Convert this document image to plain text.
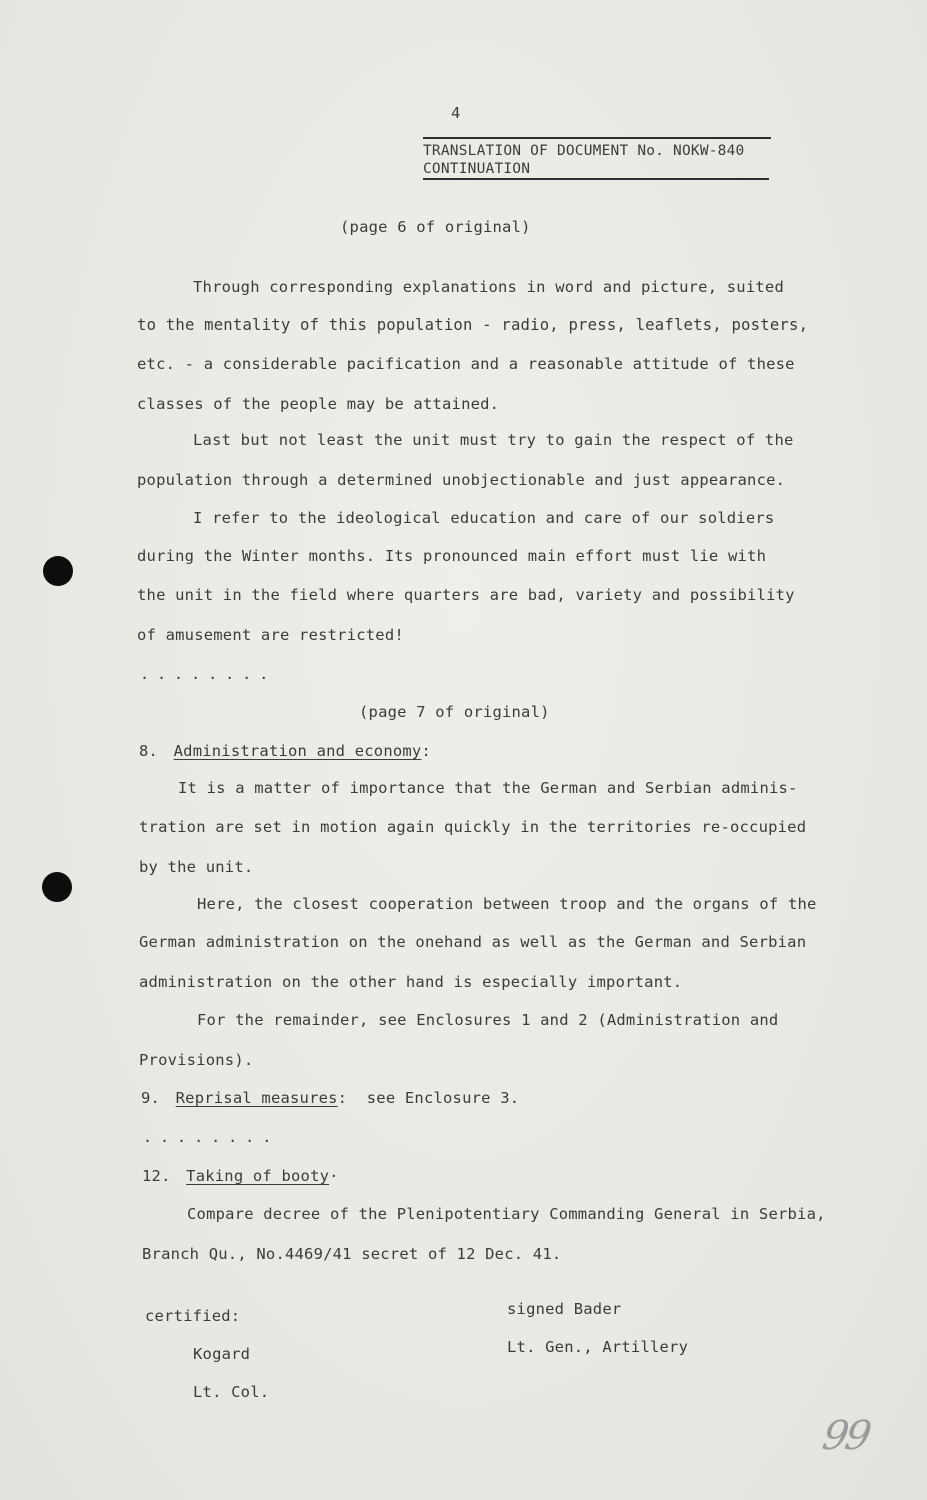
4
TRANSLATION OF DOCUMENT No. NOKW-840
CONTINUATION
(page 6 of original)
Through corresponding explanations in word and picture, suited
to the mentality of this population - radio, press, leaflets, posters,
etc. - a considerable pacification and a reasonable attitude of these
classes of the people may be attained.
Last but not least the unit must try to gain the respect of the
population through a determined unobjectionable and just appearance.
I refer to the ideological education and care of our soldiers
during the Winter months. Its pronounced main effort must lie with
the unit in the field where quarters are bad, variety and possibility
of amusement are restricted!
........
(page 7 of original)
8. Administration and economy:
It is a matter of importance that the German and Serbian adminis-
tration are set in motion again quickly in the territories re-occupied
by the unit.
Here, the closest cooperation between troop and the organs of the
German administration on the onehand as well as the German and Serbian
administration on the other hand is especially important.
For the remainder, see Enclosures 1 and 2 (Administration and
Provisions).
9. Reprisal measures: see Enclosure 3.
........
12. Taking of booty·
Compare decree of the Plenipotentiary Commanding General in Serbia,
Branch Qu., No.4469/41 secret of 12 Dec. 41.
certified:	signed Bader
Kogard	Lt. Gen., Artillery
Lt. Col.
99
